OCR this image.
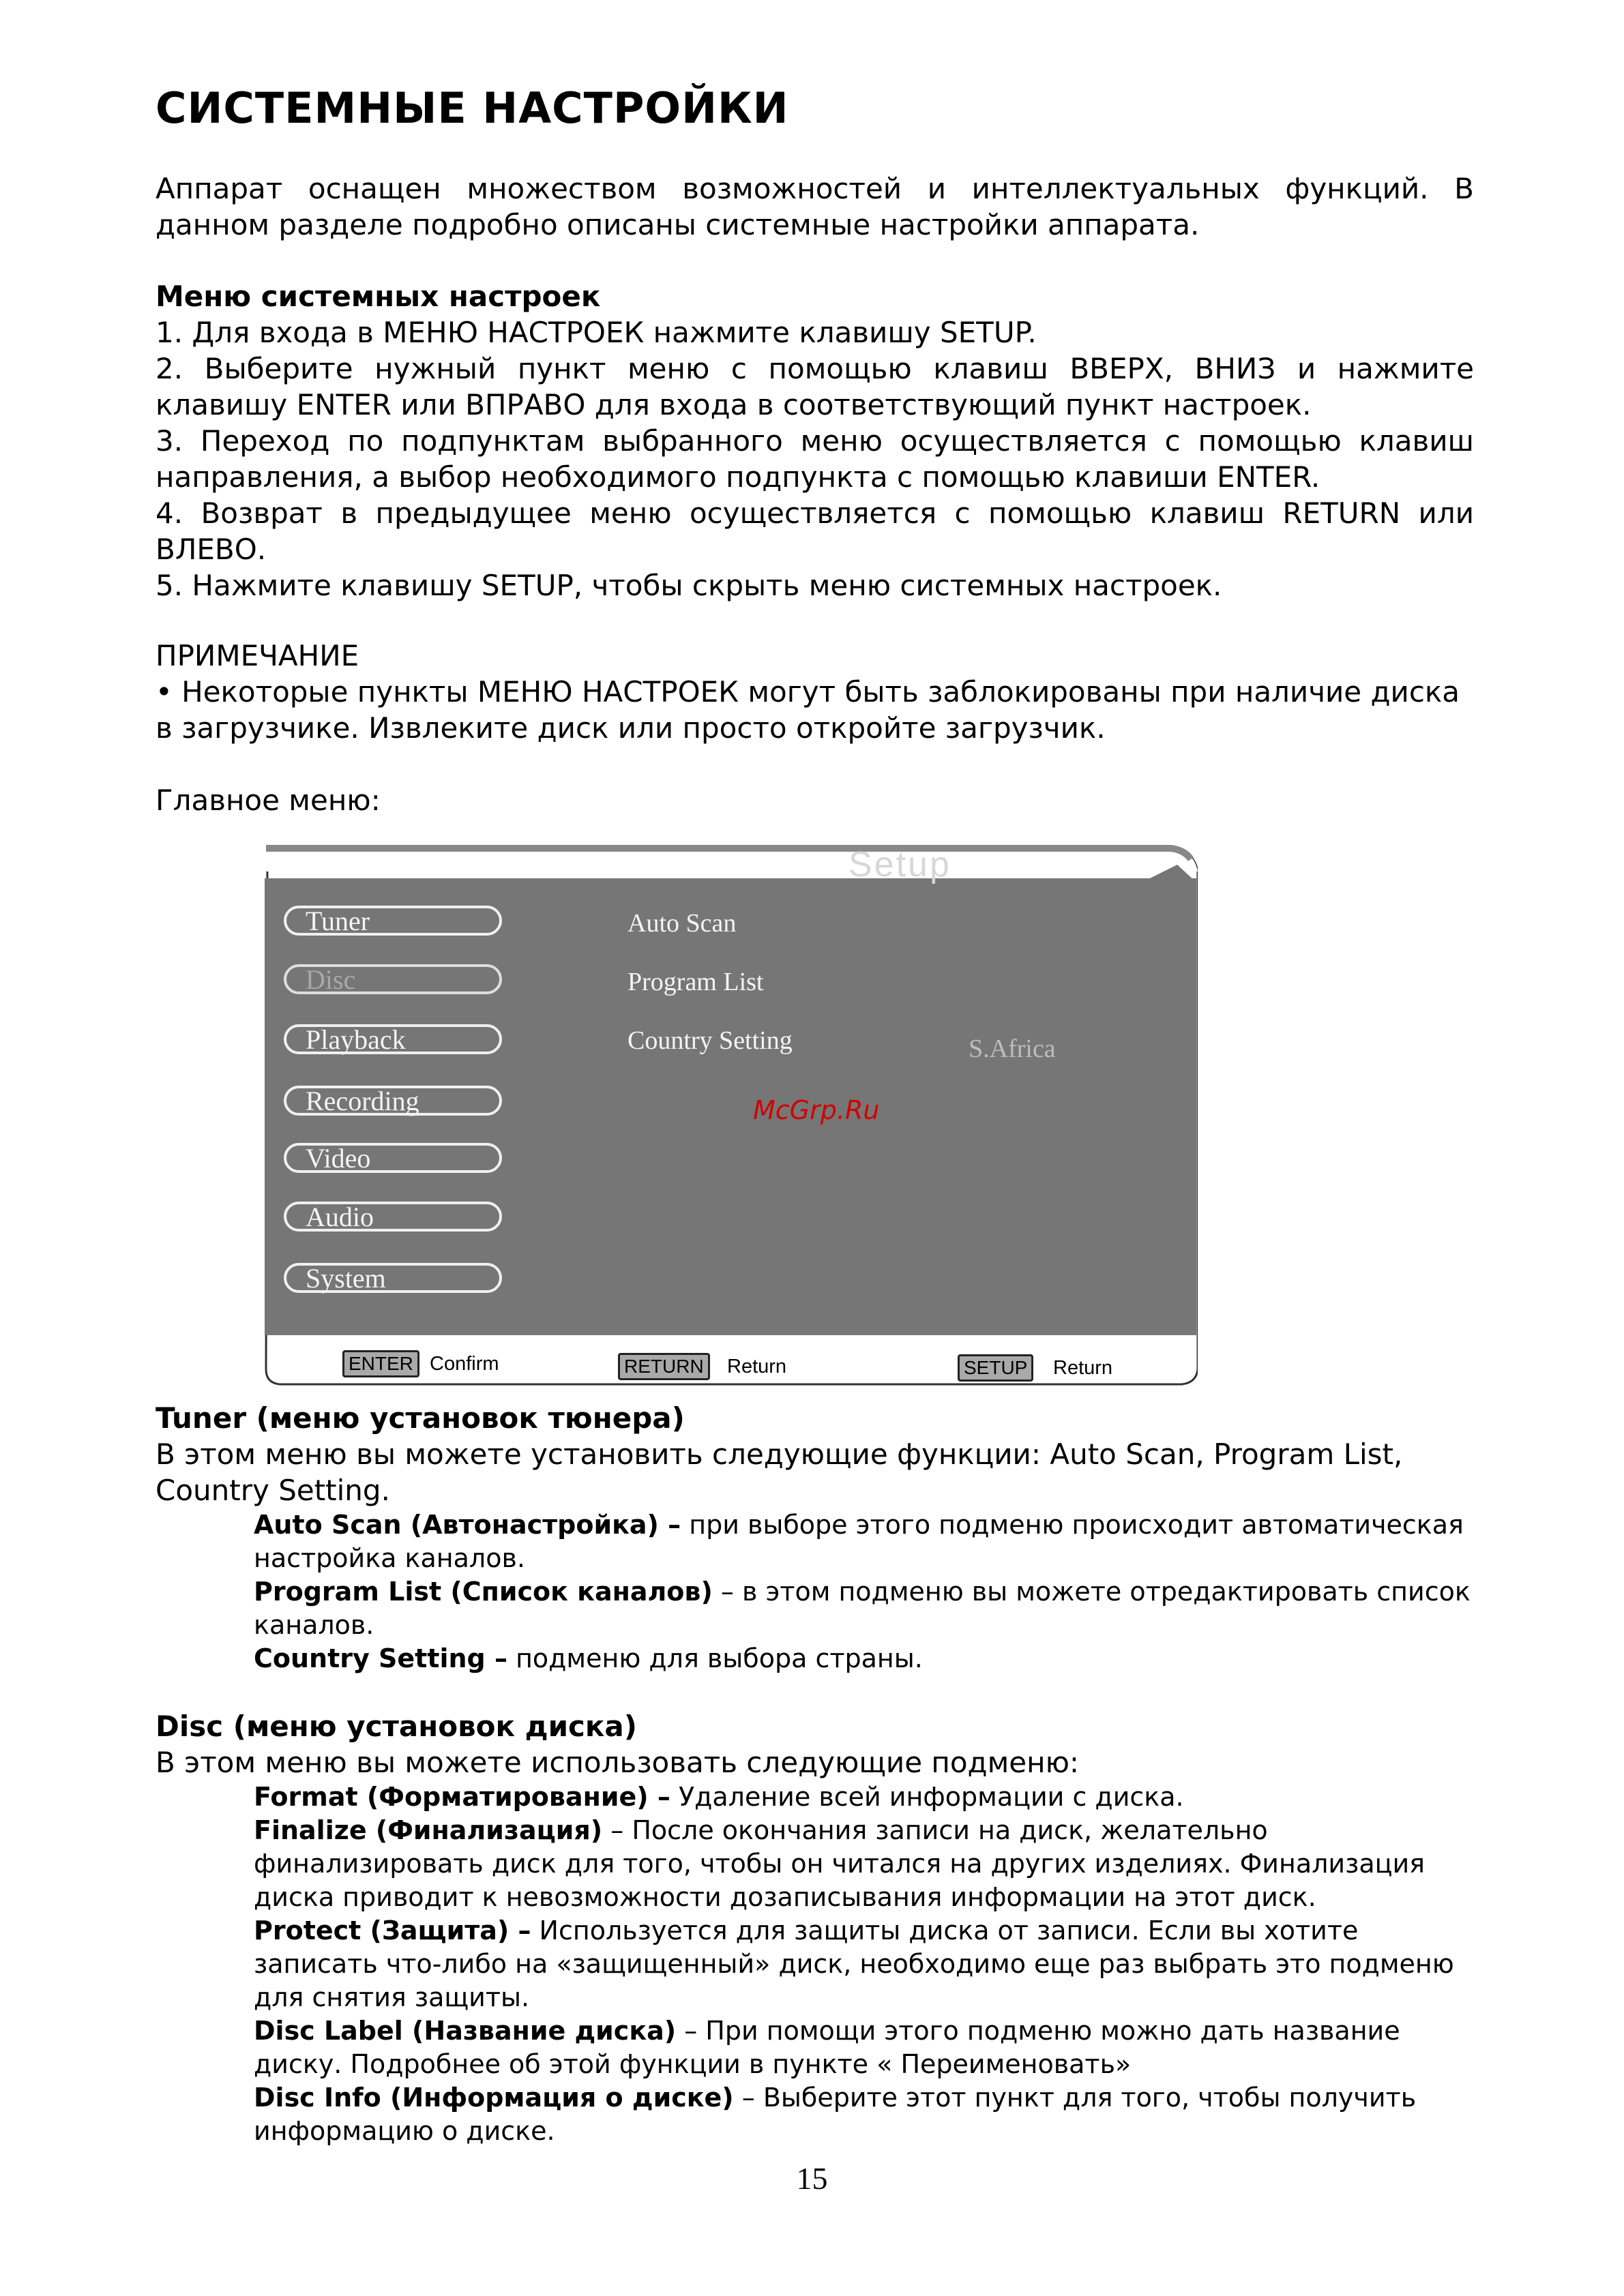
СИСТЕМНЫЕ НАСТРОЙКИ
Аппарат оснащен множеством возможностей и интеллектуальных функций. В данном разделе подробно описаны системные настройки аппарата.

Меню системных настроек

1. Для входа в МЕНЮ НАСТРОЕК нажмите клавишу SETUP.

2. Выберите нужный пункт меню с помощью клавиш ВВЕРХ, ВНИЗ и нажмите клавишу ENTER или ВПРАВО для входа в соответствующий пункт настроек.

3. Переход по подпунктам выбранного меню осуществляется с помощью клавиш направления, а выбор необходимого подпункта с помощью клавиши ENTER.

4. Возврат в предыдущее меню осуществляется с помощью клавиш RETURN или ВЛЕВО.

5. Нажмите клавишу SETUP, чтобы скрыть меню системных настроек.

ПРИМЕЧАНИЕ

• Некоторые пункты МЕНЮ НАСТРОЕК могут быть заблокированы при наличие диска в загрузчике. Извлеките диск или просто откройте загрузчик.

Главное меню:

Tuner (меню установок тюнера)

В этом меню вы можете установить следующие функции: Auto Scan, Program List, Country Setting.

Auto Scan (Автонастройка) – при выборе этого подменю происходит автоматическая настройка каналов.

Program List (Список каналов) – в этом подменю вы можете отредактировать список каналов.

Country Setting – подменю для выбора страны.

Disc (меню установок диска)

В этом меню вы можете использовать следующие подменю:

Format (Форматирование) – Удаление всей информации с диска.

Finalize (Финализация) – После окончания записи на диск, желательно финализировать диск для того, чтобы он читался на других изделиях. Финализация диска приводит к невозможности дозаписывания информации на этот диск.

Protect (Защита) – Используется для защиты диска от записи. Если вы хотите записать что-либо на «защищенный» диск, необходимо еще раз выбрать это подменю для снятия защиты.

Disc Label (Название диска) – При помощи этого подменю можно дать название диску. Подробнее об этой функции в пункте « Переименовать»

Disc Info (Информация о диске) – Выберите этот пункт для того, чтобы получить информацию о диске.

Setup
Tuner
Disc
Playback
Recording
Video
Audio
System
Auto Scan
Program List
Country Setting	S.Africa
McGrp.Ru
ENTER Confirm	RETURN	Return	SETUP	Return
15
